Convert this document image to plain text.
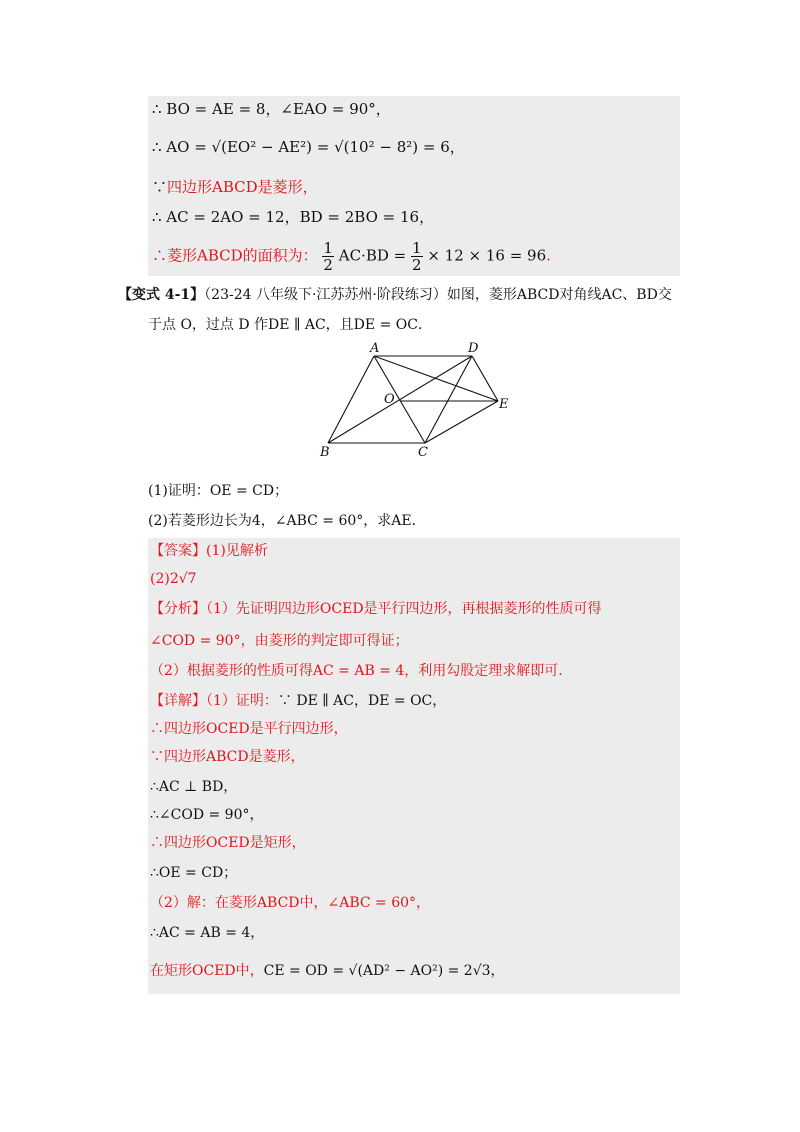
∴ BO = AE = 8，∠EAO = 90°，
∴ AO = √(EO² − AE²) = √(10² − 8²) = 6，
∵四边形ABCD是菱形，
∴ AC = 2AO = 12，BD = 2BO = 16，
∴菱形ABCD的面积为： $\frac{1}{2} AC\cdot BD = \frac{1}{2} \times 12 \times 16 = 96$.
【变式 4-1】（23-24 八年级下·江苏苏州·阶段练习）如图，菱形ABCD对角线AC、BD交
于点 O，过点 D 作DE ∥ AC，且DE = OC．
A	D
O	E
B	C
(1)证明：OE = CD；
(2)若菱形边长为4，∠ABC = 60°，求AE．
【答案】(1)见解析
(2)2√7
【分析】（1）先证明四边形OCED是平行四边形，再根据菱形的性质可得
∠COD = 90°，由菱形的判定即可得证；
（2）根据菱形的性质可得AC = AB = 4，利用勾股定理求解即可.
【详解】（1）证明：∵ DE ∥ AC，DE = OC，
∴四边形OCED是平行四边形，
∵四边形ABCD是菱形，
∴AC ⊥ BD，
∴∠COD = 90°，
∴四边形OCED是矩形，
∴OE = CD；
（2）解：在菱形ABCD中，∠ABC = 60°，
∴AC = AB = 4，
在矩形OCED中，CE = OD = √(AD² − AO²) = 2√3，
